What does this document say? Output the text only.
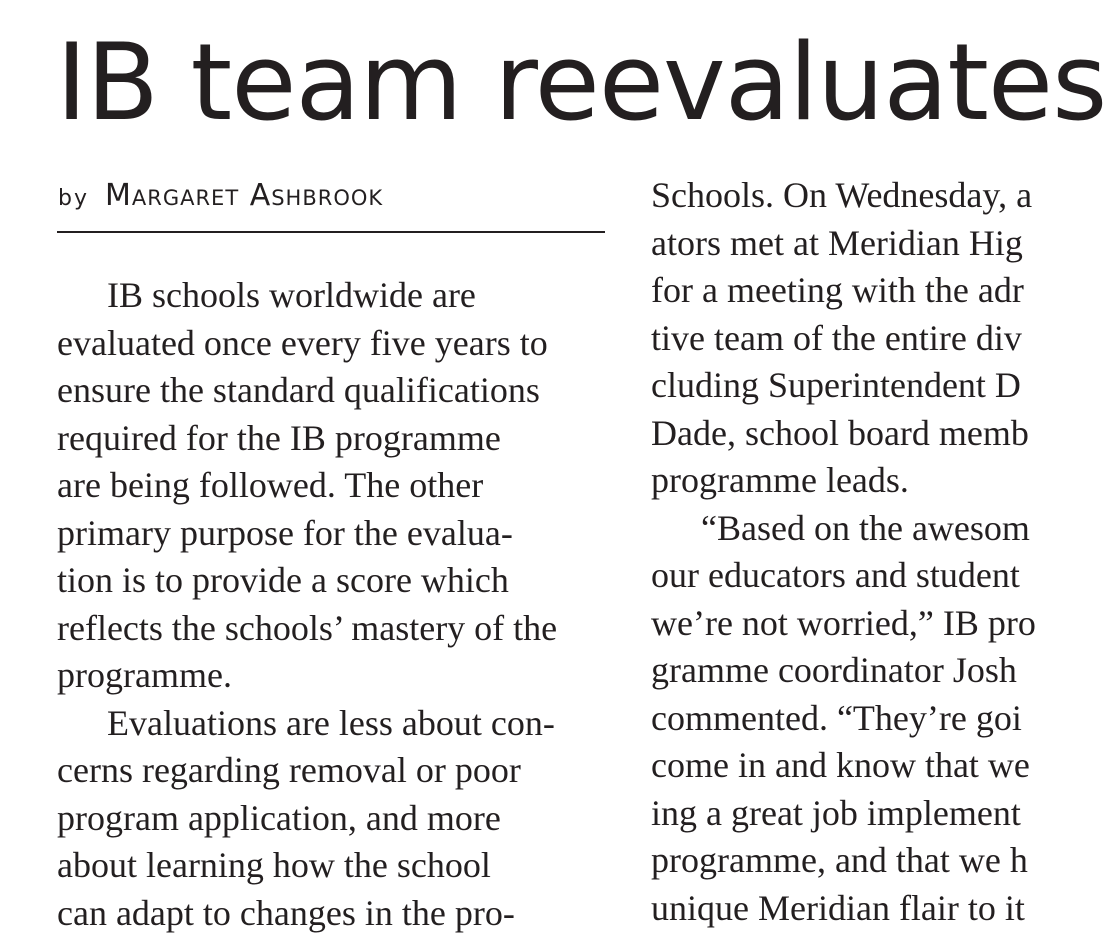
IB team reevaluates
by Margaret Ashbrook
IB schools worldwide are
evaluated once every five years to
ensure the standard qualifications
required for the IB programme
are being followed. The other
primary purpose for the evalua-
tion is to provide a score which
reflects the schools’ mastery of the
programme.
Evaluations are less about con-
cerns regarding removal or poor
program application, and more
about learning how the school
can adapt to changes in the pro-
Schools. On Wednesday, a
ators met at Meridian Hig
for a meeting with the adr
tive team of the entire div
cluding Superintendent D
Dade, school board memb
programme leads.
“Based on the awesom
our educators and student
we’re not worried,” IB pro
gramme coordinator Josh
commented. “They’re goi
come in and know that we
ing a great job implement
programme, and that we h
unique Meridian flair to it
